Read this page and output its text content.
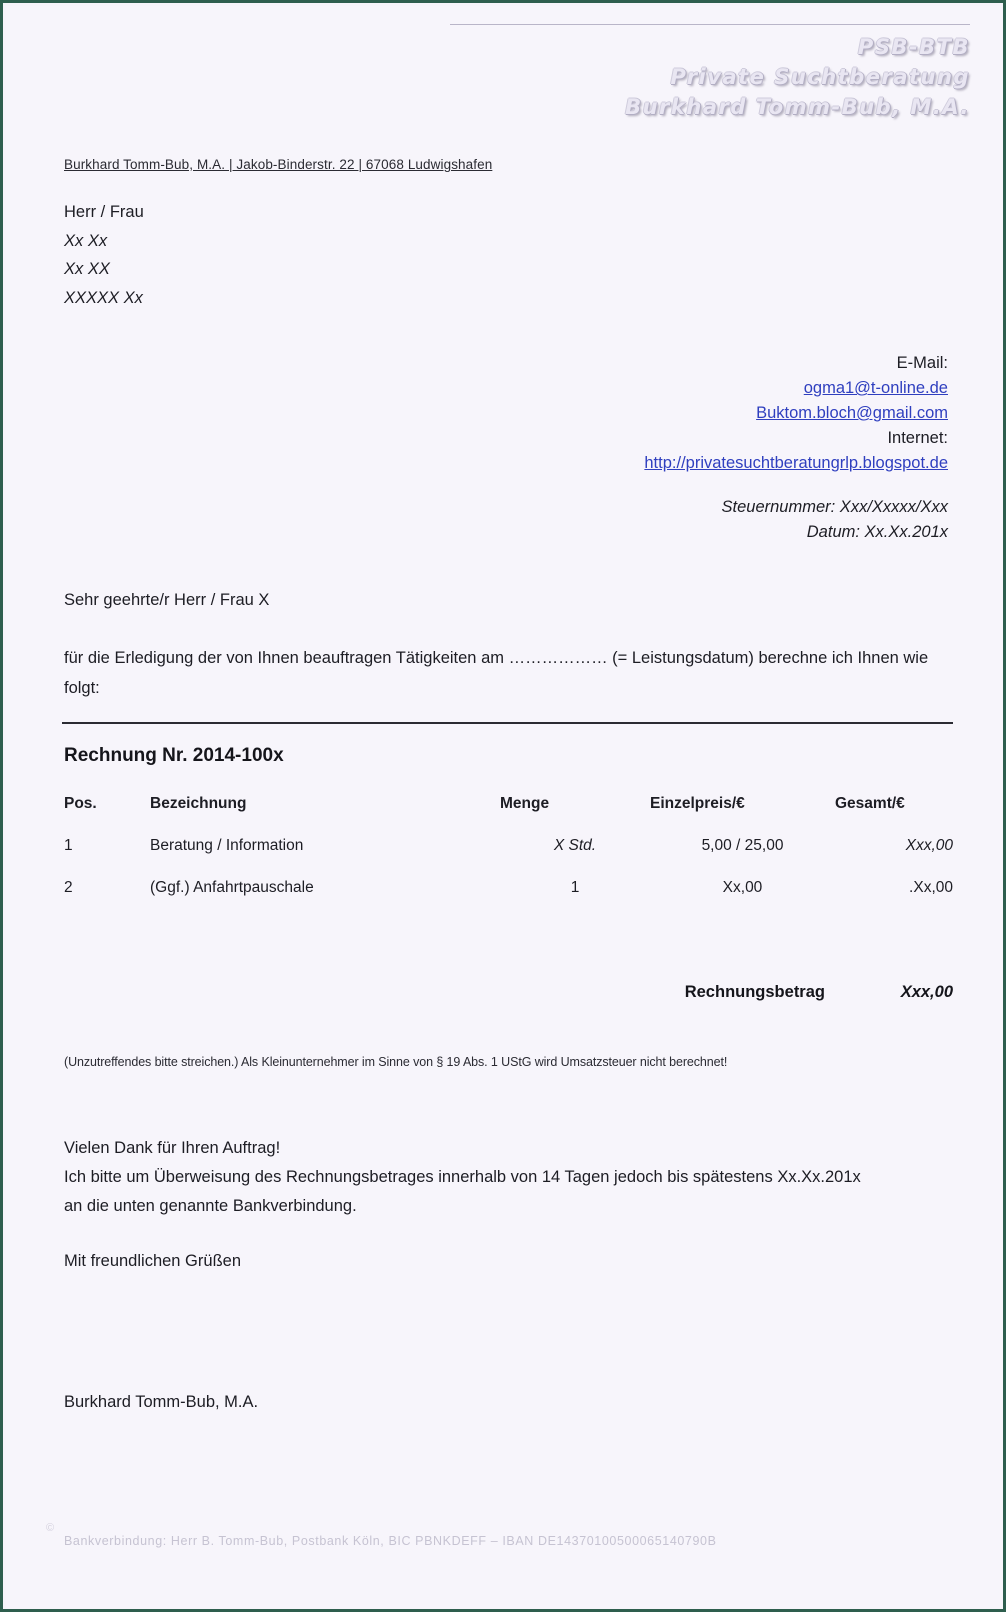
PSB-BTB
Private Suchtberatung
Burkhard Tomm-Bub, M.A.
Burkhard Tomm-Bub, M.A. | Jakob-Binderstr. 22 | 67068 Ludwigshafen
Herr / Frau
Xx Xx
Xx XX
XXXXX Xx
E-Mail:
ogma1@t-online.de
Buktom.bloch@gmail.com
Internet:
http://privatesuchtberatungrlp.blogspot.de
Steuernummer: Xxx/Xxxxx/Xxx
Datum: Xx.Xx.201x
Sehr geehrte/r Herr / Frau X
für die Erledigung der von Ihnen beauftragen Tätigkeiten am ……………… (= Leistungsdatum) berechne ich Ihnen wie folgt:
Rechnung Nr. 2014-100x
Pos.	Bezeichnung	Menge	Einzelpreis/€	Gesamt/€
1	Beratung / Information	X Std.	5,00 / 25,00	Xxx,00
2	(Ggf.) Anfahrtpauschale	1	Xx,00	.Xx,00
Rechnungsbetrag	Xxx,00
(Unzutreffendes bitte streichen.) Als Kleinunternehmer im Sinne von § 19 Abs. 1 UStG wird Umsatzsteuer nicht berechnet!
Vielen Dank für Ihren Auftrag!
Ich bitte um Überweisung des Rechnungsbetrages innerhalb von 14 Tagen jedoch bis spätestens Xx.Xx.201x
an die unten genannte Bankverbindung.
Mit freundlichen Grüßen
Burkhard Tomm-Bub, M.A.
©
Bankverbindung: Herr B. Tomm-Bub, Postbank Köln, BIC PBNKDEFF – IBAN DE14370100500065140790B
